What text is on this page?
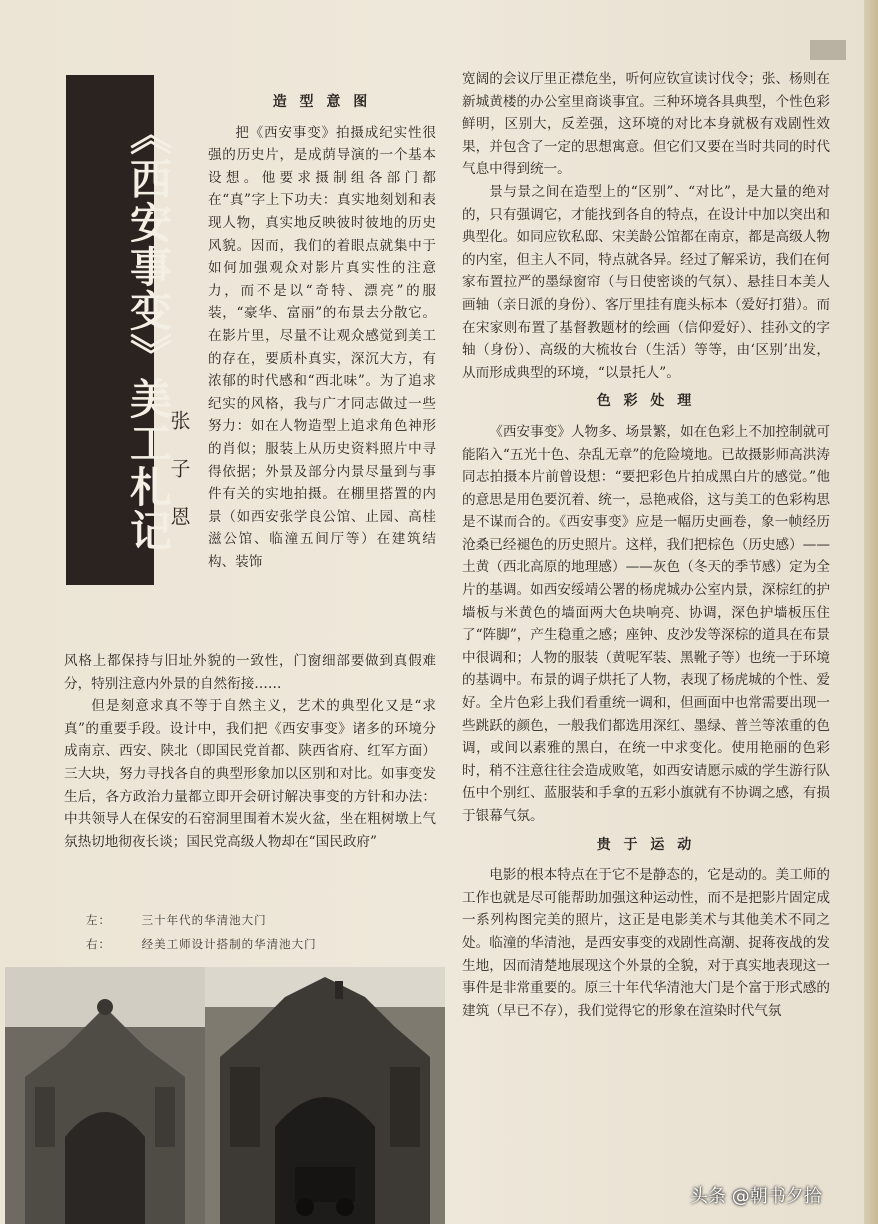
《西安事变》美工札记
张子恩
造 型 意 图

把《西安事变》拍摄成纪实性很强的历史片，是成荫导演的一个基本设想。他要求摄制组各部门都在“真”字上下功夫：真实地刻划和表现人物，真实地反映彼时彼地的历史风貌。因而，我们的着眼点就集中于如何加强观众对影片真实性的注意力，而不是以“奇特、漂亮”的服装，“豪华、富丽”的布景去分散它。在影片里，尽量不让观众感觉到美工的存在，要质朴真实，深沉大方，有浓郁的时代感和“西北味”。为了追求纪实的风格，我与广才同志做过一些努力：如在人物造型上追求角色神形的肖似；服装上从历史资料照片中寻得依据；外景及部分内景尽量到与事件有关的实地拍摄。在棚里搭置的内景（如西安张学良公馆、止园、高桂滋公馆、临潼五间厅等）在建筑结构、装饰

风格上都保持与旧址外貌的一致性，门窗细部要做到真假难分，特别注意内外景的自然衔接……

但是刻意求真不等于自然主义，艺术的典型化又是“求真”的重要手段。设计中，我们把《西安事变》诸多的环境分成南京、西安、陕北（即国民党首都、陕西省府、红军方面）三大块，努力寻找各自的典型形象加以区别和对比。如事变发生后，各方政治力量都立即开会研讨解决事变的方针和办法：中共领导人在保安的石窑洞里围着木炭火盆，坐在粗树墩上气氛热切地彻夜长谈；国民党高级人物却在“国民政府”

左：	三十年代的华清池大门
右：	经美工师设计搭制的华清池大门

宽阔的会议厅里正襟危坐，听何应钦宣读讨伐令；张、杨则在新城黄楼的办公室里商谈事宜。三种环境各具典型，个性色彩鲜明，区别大，反差强，这环境的对比本身就极有戏剧性效果，并包含了一定的思想寓意。但它们又要在当时共同的时代气息中得到统一。

景与景之间在造型上的“区别”、“对比”，是大量的绝对的，只有强调它，才能找到各自的特点，在设计中加以突出和典型化。如同应钦私邸、宋美龄公馆都在南京，都是高级人物的内室，但主人不同，特点就各异。经过了解采访，我们在何家布置拉严的墨绿窗帘（与日使密谈的气氛）、悬挂日本美人画轴（亲日派的身份）、客厅里挂有鹿头标本（爱好打猎）。而在宋家则布置了基督教题材的绘画（信仰爱好）、挂孙文的字轴（身份）、高级的大梳妆台（生活）等等，由‘区别’出发，从而形成典型的环境，“以景托人”。

色 彩 处 理

《西安事变》人物多、场景繁，如在色彩上不加控制就可能陷入“五光十色、杂乱无章”的危险境地。已故摄影师高洪涛同志拍摄本片前曾设想：“要把彩色片拍成黑白片的感觉。”他的意思是用色要沉着、统一，忌艳戒俗，这与美工的色彩构思是不谋而合的。《西安事变》应是一幅历史画卷，象一帧经历沧桑已经褪色的历史照片。这样，我们把棕色（历史感）——土黄（西北高原的地理感）——灰色（冬天的季节感）定为全片的基调。如西安绥靖公署的杨虎城办公室内景，深棕红的护墙板与米黄色的墙面两大色块响亮、协调，深色护墙板压住了“阵脚”，产生稳重之感；座钟、皮沙发等深棕的道具在布景中很调和；人物的服装（黄呢军装、黑靴子等）也统一于环境的基调中。布景的调子烘托了人物，表现了杨虎城的个性、爱好。全片色彩上我们看重统一调和，但画面中也常需要出现一些跳跃的颜色，一般我们都选用深红、墨绿、普兰等浓重的色调，或间以素雅的黑白，在统一中求变化。使用艳丽的色彩时，稍不注意往往会造成败笔，如西安请愿示威的学生游行队伍中个别红、蓝服装和手拿的五彩小旗就有不协调之感，有损于银幕气氛。

贵 于 运 动

电影的根本特点在于它不是静态的，它是动的。美工师的工作也就是尽可能帮助加强这种运动性，而不是把影片固定成一系列构图完美的照片，这正是电影美术与其他美术不同之处。临潼的华清池，是西安事变的戏剧性高潮、捉蒋夜战的发生地，因而清楚地展现这个外景的全貌，对于真实地表现这一事件是非常重要的。原三十年代华清池大门是个富于形式感的建筑（早已不存），我们觉得它的形象在渲染时代气氛

头条 @朝书夕拾
